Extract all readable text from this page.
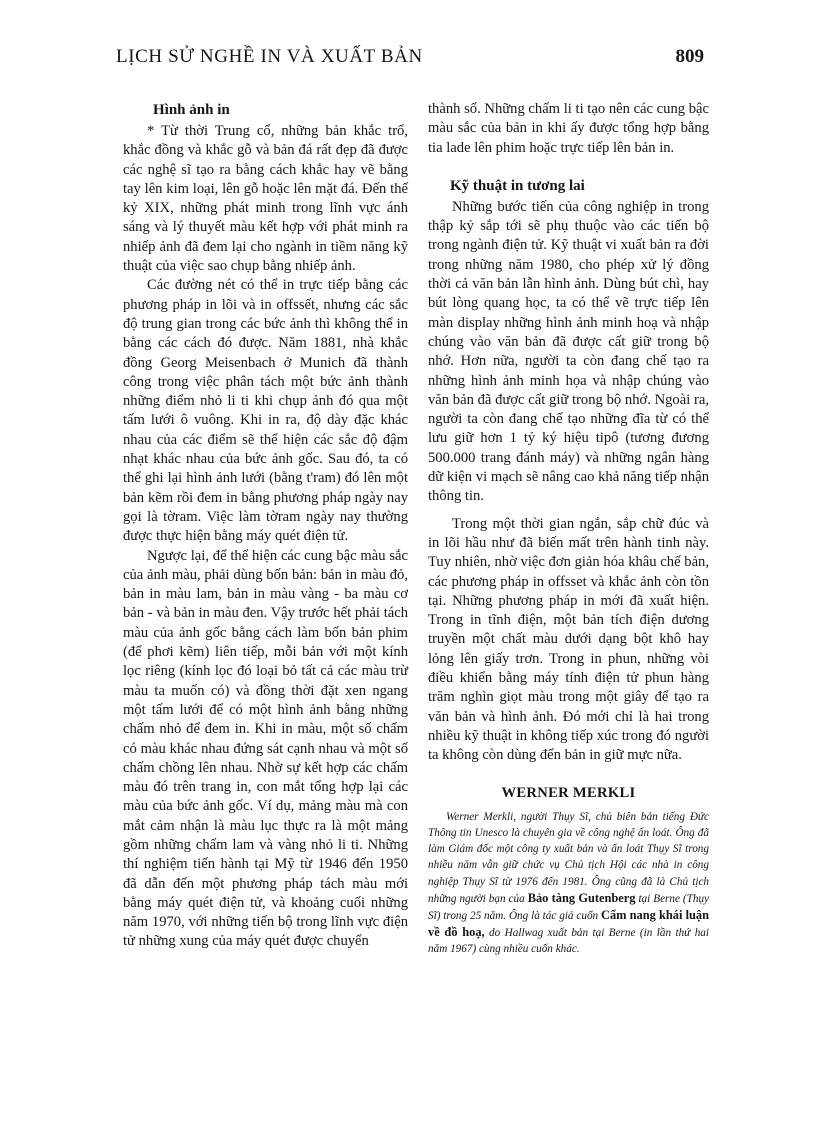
LỊCH SỬ NGHỀ IN VÀ XUẤT BẢN	809
Hình ảnh in

* Từ thời Trung cổ, những bản khắc trổ, khắc đồng và khắc gỗ và bản đá rất đẹp đã được các nghệ sĩ tạo ra bằng cách khắc hay vẽ bằng tay lên kim loại, lên gỗ hoặc lên mặt đá. Đến thế kỷ XIX, những phát minh trong lĩnh vực ánh sáng và lý thuyết màu kết hợp với phát minh ra nhiếp ảnh đã đem lại cho ngành in tiềm năng kỹ thuật của việc sao chụp bằng nhiếp ảnh.

Các đường nét có thể in trực tiếp bằng các phương pháp in lõi và in offssết, nhưng các sắc độ trung gian trong các bức ảnh thì không thể in bằng các cách đó được. Năm 1881, nhà khắc đồng Georg Meisenbach ở Munich đã thành công trong việc phân tách một bức ảnh thành những điểm nhỏ li ti khi chụp ảnh đó qua một tấm lưới ô vuông. Khi in ra, độ dày đặc khác nhau của các điểm sẽ thể hiện các sắc độ đậm nhạt khác nhau của bức ảnh gốc. Sau đó, ta có thể ghi lại hình ảnh lưới (bằng t'ram) đó lên một bản kẽm rồi đem in bằng phương pháp ngày nay gọi là tờram. Việc làm tờram ngày nay thường được thực hiện bằng máy quét điện tử.

Ngược lại, để thể hiện các cung bậc màu sắc của ảnh màu, phải dùng bốn bản: bản in màu đỏ, bản in màu lam, bản in màu vàng - ba màu cơ bản - và bản in màu đen. Vậy trước hết phải tách màu của ảnh gốc bằng cách làm bốn bản phim (để phơi kẽm) liên tiếp, mỗi bản với một kính lọc riêng (kính lọc đó loại bỏ tất cả các màu trừ màu ta muốn có) và đồng thời đặt xen ngang một tấm lưới để có một hình ảnh bằng những chấm nhỏ để đem in. Khi in màu, một số chấm có màu khác nhau đứng sát cạnh nhau và một số chấm chồng lên nhau. Nhờ sự kết hợp các chấm màu đó trên trang in, con mắt tổng hợp lại các màu của bức ảnh gốc. Ví dụ, mảng màu mà con mắt cảm nhận là màu lục thực ra là một mảng gồm những chấm lam và vàng nhỏ li ti. Những thí nghiệm tiến hành tại Mỹ từ 1946 đến 1950 đã dẫn đến một phương pháp tách màu mới bằng máy quét điện tử, và khoảng cuối những năm 1970, với những tiến bộ trong lĩnh vực điện tử những xung của máy quét được chuyển

thành số. Những chấm li ti tạo nên các cung bậc màu sắc của bản in khi ấy được tổng hợp bằng tia lade lên phim hoặc trực tiếp lên bản in.

Kỹ thuật in tương lai

Những bước tiến của công nghiệp in trong thập kỷ sắp tới sẽ phụ thuộc vào các tiến bộ trong ngành điện tử. Kỹ thuật vi xuất bản ra đời trong những năm 1980, cho phép xử lý đồng thời cả văn bản lẫn hình ảnh. Dùng bút chì, hay bút lòng quang học, ta có thể vẽ trực tiếp lên màn display những hình ảnh minh hoạ và nhập chúng vào văn bản đã được cất giữ trong bộ nhớ. Hơn nữa, người ta còn đang chế tạo ra những hình ảnh minh họa và nhập chúng vào văn bản đã được cất giữ trong bộ nhớ. Ngoài ra, người ta còn đang chế tạo những đĩa từ có thể lưu giữ hơn 1 tỷ ký hiệu tipô (tương đương 500.000 trang đánh máy) và những ngân hàng dữ kiện vi mạch sẽ nâng cao khả năng tiếp nhận thông tin.

Trong một thời gian ngắn, sắp chữ đúc và in lõi hầu như đã biến mất trên hành tinh này. Tuy nhiên, nhờ việc đơn giản hóa khâu chế bản, các phương pháp in offsset và khắc ảnh còn tồn tại. Những phương pháp in mới đã xuất hiện. Trong in tĩnh điện, một bản tích điện dương truyền một chất màu dưới dạng bột khô hay lỏng lên giấy trơn. Trong in phun, những vòi điều khiển bằng máy tính điện tử phun hàng trăm nghìn giọt màu trong một giây để tạo ra văn bản và hình ảnh. Đó mới chỉ là hai trong nhiều kỹ thuật in không tiếp xúc trong đó người ta không còn dùng đến bản in giữ mực nữa.

WERNER MERKLI
Werner Merkli, người Thụy Sĩ, chủ biên bản tiếng Đức Thông tin Unesco là chuyên gia về công nghệ ấn loát. Ông đã làm Giám đốc một công ty xuất bản và ấn loát Thụy Sĩ trong nhiều năm vẫn giữ chức vụ Chủ tịch Hội các nhà in công nghiệp Thụy Sĩ từ 1976 đến 1981. Ông cũng đã là Chủ tịch những người bạn của Bảo tàng Gutenberg tại Berne (Thụy Sĩ) trong 25 năm. Ông là tác giả cuốn Cẩm nang khái luận về đồ hoạ, do Hallwag xuất bản tại Berne (in lần thứ hai năm 1967) cùng nhiều cuốn khác.
